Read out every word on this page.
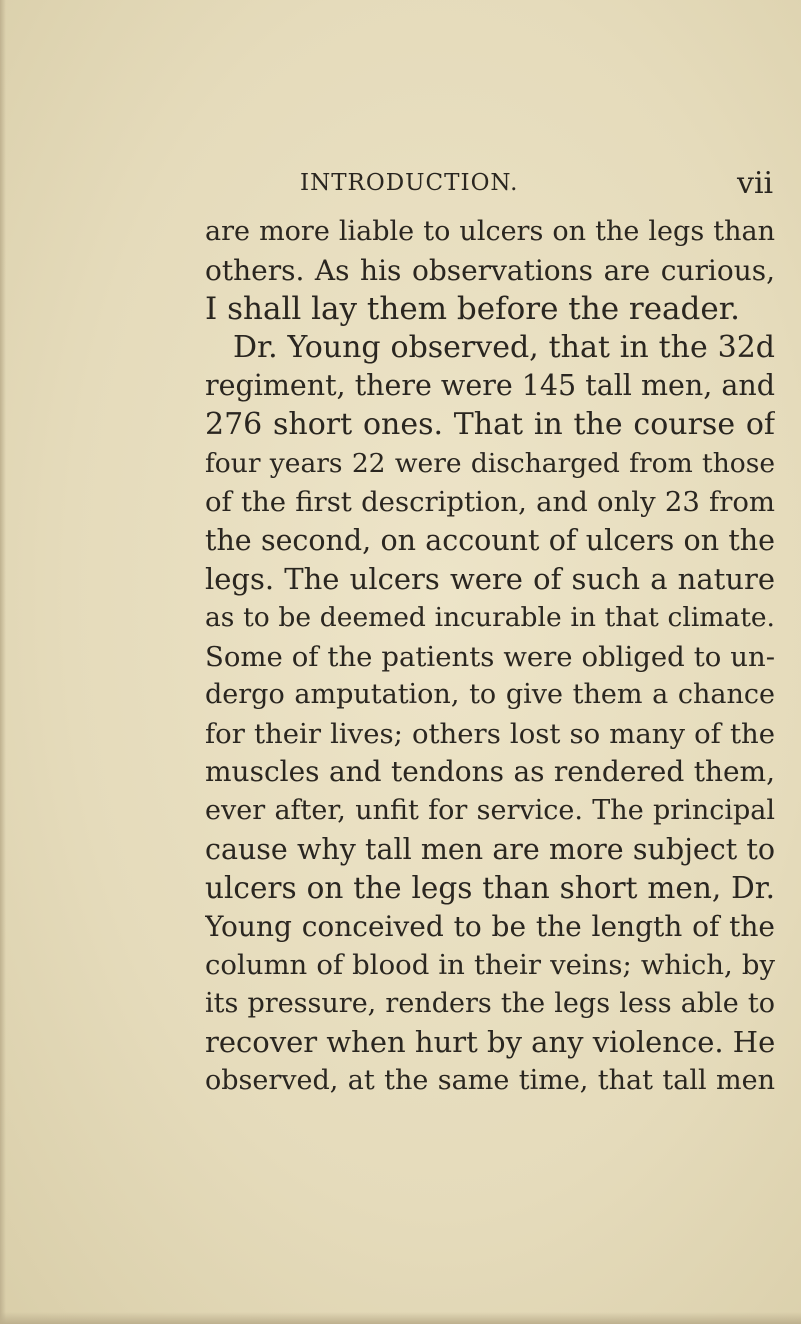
INTRODUCTION.	vii
are more liable to ulcers on the legs than
others. As his observations are curious,
I shall lay them before the reader.
Dr. Young observed, that in the 32d
regiment, there were 145 tall men, and
276 short ones. That in the course of
four years 22 were discharged from those
of the first description, and only 23 from
the second, on account of ulcers on the
legs. The ulcers were of such a nature
as to be deemed incurable in that climate.
Some of the patients were obliged to un-
dergo amputation, to give them a chance
for their lives; others lost so many of the
muscles and tendons as rendered them,
ever after, unfit for service. The principal
cause why tall men are more subject to
ulcers on the legs than short men, Dr.
Young conceived to be the length of the
column of blood in their veins; which, by
its pressure, renders the legs less able to
recover when hurt by any violence. He
observed, at the same time, that tall men
